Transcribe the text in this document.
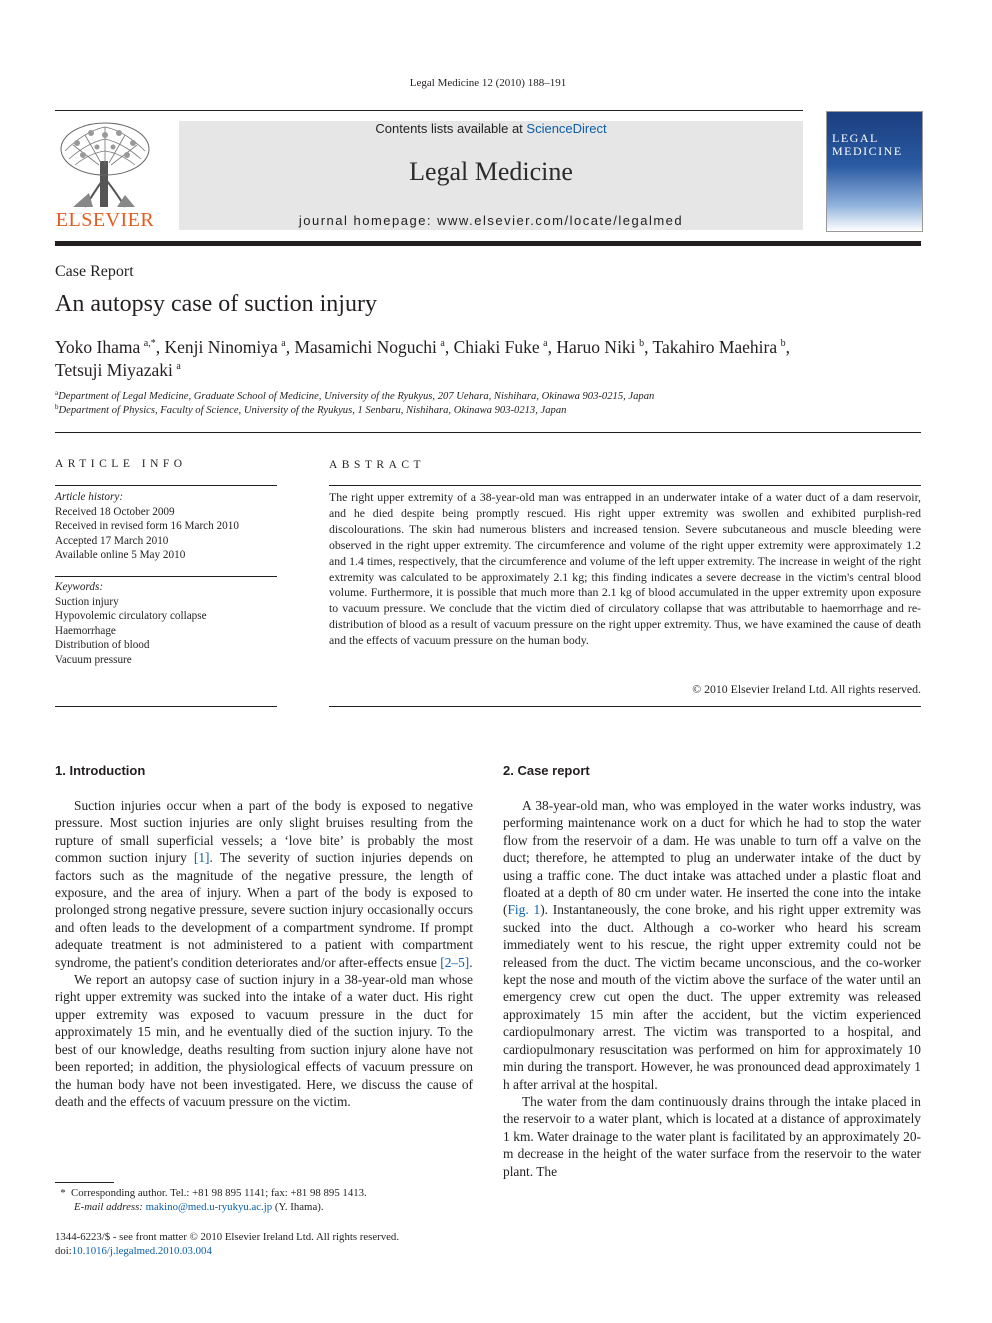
Legal Medicine 12 (2010) 188–191
ELSEVIER
Contents lists available at ScienceDirect
Legal Medicine
journal homepage: www.elsevier.com/locate/legalmed
LEGAL
MEDICINE
Case Report
An autopsy case of suction injury
Yoko Ihama  $^{a,*}$, Kenji Ninomiya  $^a$, Masamichi Noguchi  $^a$, Chiaki Fuke  $^a$, Haruo Niki  $^b$, Takahiro Maehira  $^b$,
Tetsuji Miyazaki  $^a$
$^a$Department of Legal Medicine, Graduate School of Medicine, University of the Ryukyus, 207 Uehara, Nishihara, Okinawa 903-0215, Japan
$^b$Department of Physics, Faculty of Science, University of the Ryukyus, 1 Senbaru, Nishihara, Okinawa 903-0213, Japan
ARTICLE INFO
Article history:
Received 18 October 2009
Received in revised form 16 March 2010
Accepted 17 March 2010
Available online 5 May 2010
Keywords:
Suction injury
Hypovolemic circulatory collapse
Haemorrhage
Distribution of blood
Vacuum pressure
ABSTRACT
The right upper extremity of a 38-year-old man was entrapped in an underwater intake of a water duct of a dam reservoir, and he died despite being promptly rescued. His right upper extremity was swollen and exhibited purplish-red discolourations. The skin had numerous blisters and increased tension. Severe subcutaneous and muscle bleeding were observed in the right upper extremity. The circumference and volume of the right upper extremity were approximately 1.2 and 1.4 times, respectively, that the circumference and volume of the left upper extremity. The increase in weight of the right extremity was calculated to be approximately 2.1 kg; this finding indicates a severe decrease in the victim's central blood volume. Furthermore, it is possible that much more than 2.1 kg of blood accumulated in the upper extremity upon exposure to vacuum pressure. We conclude that the victim died of circulatory collapse that was attributable to haemorrhage and re-distribution of blood as a result of vacuum pressure on the right upper extremity. Thus, we have examined the cause of death and the effects of vacuum pressure on the human body.
© 2010 Elsevier Ireland Ltd. All rights reserved.
1. Introduction	2. Case report

Suction injuries occur when a part of the body is exposed to negative pressure. Most suction injuries are only slight bruises resulting from the rupture of small superficial vessels; a ‘love bite’ is probably the most common suction injury [1]. The severity of suction injuries depends on factors such as the magnitude of the negative pressure, the length of exposure, and the area of injury. When a part of the body is exposed to prolonged strong negative pressure, severe suction injury occasionally occurs and often leads to the development of a compartment syndrome. If prompt adequate treatment is not administered to a patient with compartment syndrome, the patient's condition deteriorates and/or after-effects ensue [2–5].

We report an autopsy case of suction injury in a 38-year-old man whose right upper extremity was sucked into the intake of a water duct. His right upper extremity was exposed to vacuum pressure in the duct for approximately 15 min, and he eventually died of the suction injury. To the best of our knowledge, deaths resulting from suction injury alone have not been reported; in addition, the physiological effects of vacuum pressure on the human body have not been investigated. Here, we discuss the cause of death and the effects of vacuum pressure on the victim.

A 38-year-old man, who was employed in the water works industry, was performing maintenance work on a duct for which he had to stop the water flow from the reservoir of a dam. He was unable to turn off a valve on the duct; therefore, he attempted to plug an underwater intake of the duct by using a traffic cone. The duct intake was attached under a plastic float and floated at a depth of 80 cm under water. He inserted the cone into the intake (Fig. 1). Instantaneously, the cone broke, and his right upper extremity was sucked into the duct. Although a co-worker who heard his scream immediately went to his rescue, the right upper extremity could not be released from the duct. The victim became unconscious, and the co-worker kept the nose and mouth of the victim above the surface of the water until an emergency crew cut open the duct. The upper extremity was released approximately 15 min after the accident, but the victim experienced cardiopulmonary arrest. The victim was transported to a hospital, and cardiopulmonary resuscitation was performed on him for approximately 10 min during the transport. However, he was pronounced dead approximately 1 h after arrival at the hospital.

The water from the dam continuously drains through the intake placed in the reservoir to a water plant, which is located at a distance of approximately 1 km. Water drainage to the water plant is facilitated by an approximately 20-m decrease in the height of the water surface from the reservoir to the water plant. The

* Corresponding author. Tel.: +81 98 895 1141; fax: +81 98 895 1413.
E-mail address: makino@med.u-ryukyu.ac.jp (Y. Ihama).
1344-6223/$ - see front matter © 2010 Elsevier Ireland Ltd. All rights reserved.
doi:10.1016/j.legalmed.2010.03.004
